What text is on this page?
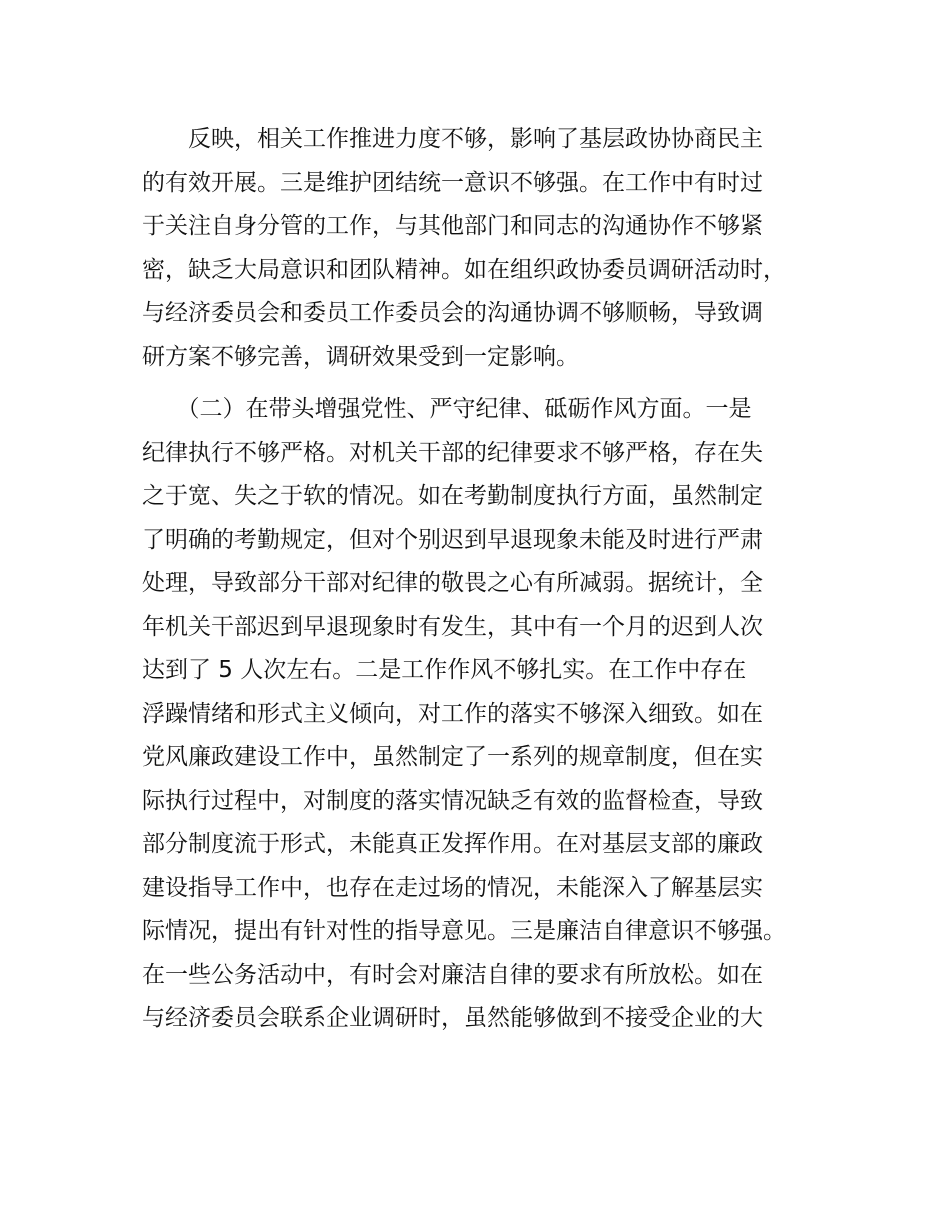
　　反映，相关工作推进力度不够，影响了基层政协协商民主
的有效开展。三是维护团结统一意识不够强。在工作中有时过
于关注自身分管的工作，与其他部门和同志的沟通协作不够紧
密，缺乏大局意识和团队精神。如在组织政协委员调研活动时，
与经济委员会和委员工作委员会的沟通协调不够顺畅，导致调
研方案不够完善，调研效果受到一定影响。
　　（二）在带头增强党性、严守纪律、砥砺作风方面。一是
纪律执行不够严格。对机关干部的纪律要求不够严格，存在失
之于宽、失之于软的情况。如在考勤制度执行方面，虽然制定
了明确的考勤规定，但对个别迟到早退现象未能及时进行严肃
处理，导致部分干部对纪律的敬畏之心有所减弱。据统计，全
年机关干部迟到早退现象时有发生，其中有一个月的迟到人次
达到了 5 人次左右。二是工作作风不够扎实。在工作中存在
浮躁情绪和形式主义倾向，对工作的落实不够深入细致。如在
党风廉政建设工作中，虽然制定了一系列的规章制度，但在实
际执行过程中，对制度的落实情况缺乏有效的监督检查，导致
部分制度流于形式，未能真正发挥作用。在对基层支部的廉政
建设指导工作中，也存在走过场的情况，未能深入了解基层实
际情况，提出有针对性的指导意见。三是廉洁自律意识不够强。
在一些公务活动中，有时会对廉洁自律的要求有所放松。如在
与经济委员会联系企业调研时，虽然能够做到不接受企业的大
